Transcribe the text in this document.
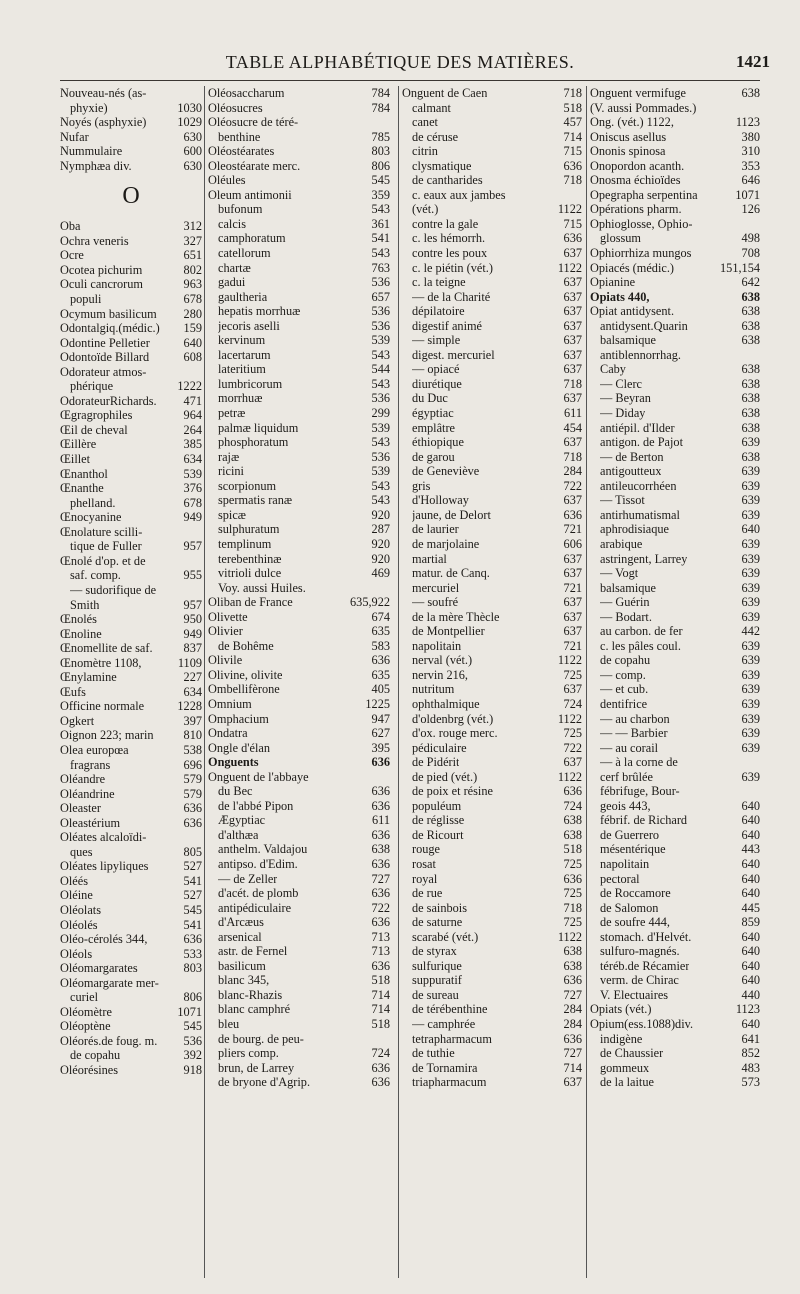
TABLE ALPHABÉTIQUE DES MATIÈRES.	1421
Nouveau-nés (as-
phyxie)	1030
Noyés (asphyxie)	1029
Nufar	630
Nummulaire	600
Nymphæa div.	630
O
Oba	312
Ochra veneris	327
Ocre	651
Ocotea pichurim	802
Oculi cancrorum	963
populi	678
Ocymum basilicum 280
Odontalgiq.(médic.) 159
Odontine Pelletier	640
Odontoïde Billard	608
Odorateur atmos-
phérique	1222
OdorateurRichards. 471
Œgragrophiles	964
Œil de cheval	264
Œillère	385
Œillet	634
Œnanthol	539
Œnanthe	376
phelland.	678
Œnocyanine	949
Œnolature scilli-
tique de Fuller	957
Œnolé d'op. et de
saf. comp.	955
— sudorifique de
Smith	957
Œnolés	950
Œnoline	949
Œnomellite de saf.	837
Œnomètre 1108,	1109
Œnylamine	227
Œufs	634
Officine normale	1228
Ogkert	397
Oignon 223; marin 810
Olea europœa	538
fragrans	696
Oléandre	579
Oléandrine	579
Oleaster	636
Oleastérium	636
Oléates alcaloïdi-
ques	805
Oléates lipyliques	527
Oléés	541
Oléine	527
Oléolats	545
Oléolés	541
Oléo-cérolés 344,	636
Oléols	533
Oléomargarates	803
Oléomargarate mer-
curiel	806
Oléomètre	1071
Oléoptène	545
Oléorés.de foug. m. 536
de copahu	392
Oléorésines	918
Oléosaccharum	784
Oléosucres	784
Oléosucre de téré-
benthine	785
Oléostéarates	803
Oleostéarate merc.	806
Oléules	545
Oleum antimonii	359
bufonum	543
calcis	361
camphoratum	541
catellorum	543
chartæ	763
gadui	536
gaultheria	657
hepatis morrhuæ	536
jecoris aselli	536
kervinum	539
lacertarum	543
lateritium	544
lumbricorum	543
morrhuæ	536
petræ	299
palmæ liquidum	539
phosphoratum	543
rajæ	536
ricini	539
scorpionum	543
spermatis ranæ	543
spicæ	920
sulphuratum	287
templinum	920
terebenthinæ	920
vitrioli dulce	469
Voy. aussi Huiles.
Oliban de France	635,922
Olivette	674
Olivier	635
de Bohême	583
Olivile	636
Olivine, olivite	635
Ombellifèrone	405
Omnium	1225
Omphacium	947
Ondatra	627
Ongle d'élan	395
Onguents	636
Onguent de l'abbaye
du Bec	636
de l'abbé Pipon	636
Ægyptiac	611
d'althæa	636
anthelm. Valdajou	638
antipso. d'Edim.	636
— de Zeller	727
d'acét. de plomb	636
antipédiculaire	722
d'Arcæus	636
arsenical	713
astr. de Fernel	713
basilicum	636
blanc 345,	518
blanc-Rhazis	714
blanc camphré	714
bleu	518
de bourg. de peu-
pliers comp.	724
brun, de Larrey	636
de bryone d'Agrip.	636
Onguent de Caen	718
calmant	518
canet	457
de céruse	714
citrin	715
clysmatique	636
de cantharides	718
c. eaux aux jambes
(vét.)	1122
contre la gale	715
c. les hémorrh.	636
contre les poux	637
c. le piétin (vét.)	1122
c. la teigne	637
— de la Charité	637
dépilatoire	637
digestif animé	637
— simple	637
digest. mercuriel	637
— opiacé	637
diurétique	718
du Duc	637
égyptiac	611
emplâtre	454
éthiopique	637
de garou	718
de Geneviève	284
gris	722
d'Holloway	637
jaune, de Delort	636
de laurier	721
de marjolaine	606
martial	637
matur. de Canq.	637
mercuriel	721
— soufré	637
de la mère Thècle	637
de Montpellier	637
napolitain	721
nerval (vét.)	1122
nervin 216,	725
nutritum	637
ophthalmique	724
d'oldenbrg (vét.)	1122
d'ox. rouge merc.	725
pédiculaire	722
de Pidérit	637
de pied (vét.)	1122
de poix et résine	636
populéum	724
de réglisse	638
de Ricourt	638
rouge	518
rosat	725
royal	636
de rue	725
de sainbois	718
de saturne	725
scarabé (vét.)	1122
de styrax	638
sulfurique	638
suppuratif	636
de sureau	727
de térébenthine	284
— camphrée	284
tetrapharmacum	636
de tuthie	727
de Tornamira	714
triapharmacum	637
Onguent vermifuge	638
(V. aussi Pommades.)
Ong. (vét.) 1122,	1123
Oniscus asellus	380
Ononis spinosa	310
Onopordon acanth.	353
Onosma échioïdes	646
Opegrapha serpentina	1071
Opérations pharm.	126
Ophioglosse, Ophio-
glossum	498
Ophiorrhiza mungos	708
Opiacés (médic.)	151,154
Opianine	642
Opiats 440,	638
Opiat antidysent.	638
antidysent.Quarin	638
balsamique	638
antiblennorrhag.
Caby	638
— Clerc	638
— Beyran	638
— Diday	638
antiépil. d'Ilder	638
antigon. de Pajot	639
— de Berton	638
antigoutteux	639
antileucorrhéen	639
— Tissot	639
antirhumatismal	639
aphrodisiaque	640
arabique	639
astringent, Larrey	639
— Vogt	639
balsamique	639
— Guérin	639
— Bodart.	639
au carbon. de fer	442
c. les pâles coul.	639
de copahu	639
— comp.	639
— et cub.	639
dentifrice	639
— au charbon	639
— — Barbier	639
— au corail	639
— à la corne de
cerf brûlée	639
fébrifuge, Bour-
geois 443,	640
fébrif. de Richard	640
de Guerrero	640
mésentérique	443
napolitain	640
pectoral	640
de Roccamore	640
de Salomon	445
de soufre 444,	859
stomach. d'Helvét.	640
sulfuro-magnés.	640
téréb.de Récamier	640
verm. de Chirac	640
V. Electuaires	440
Opiats (vét.)	1123
Opium(ess.1088)div.	640
indigène	641
de Chaussier	852
gommeux	483
de la laitue	573
